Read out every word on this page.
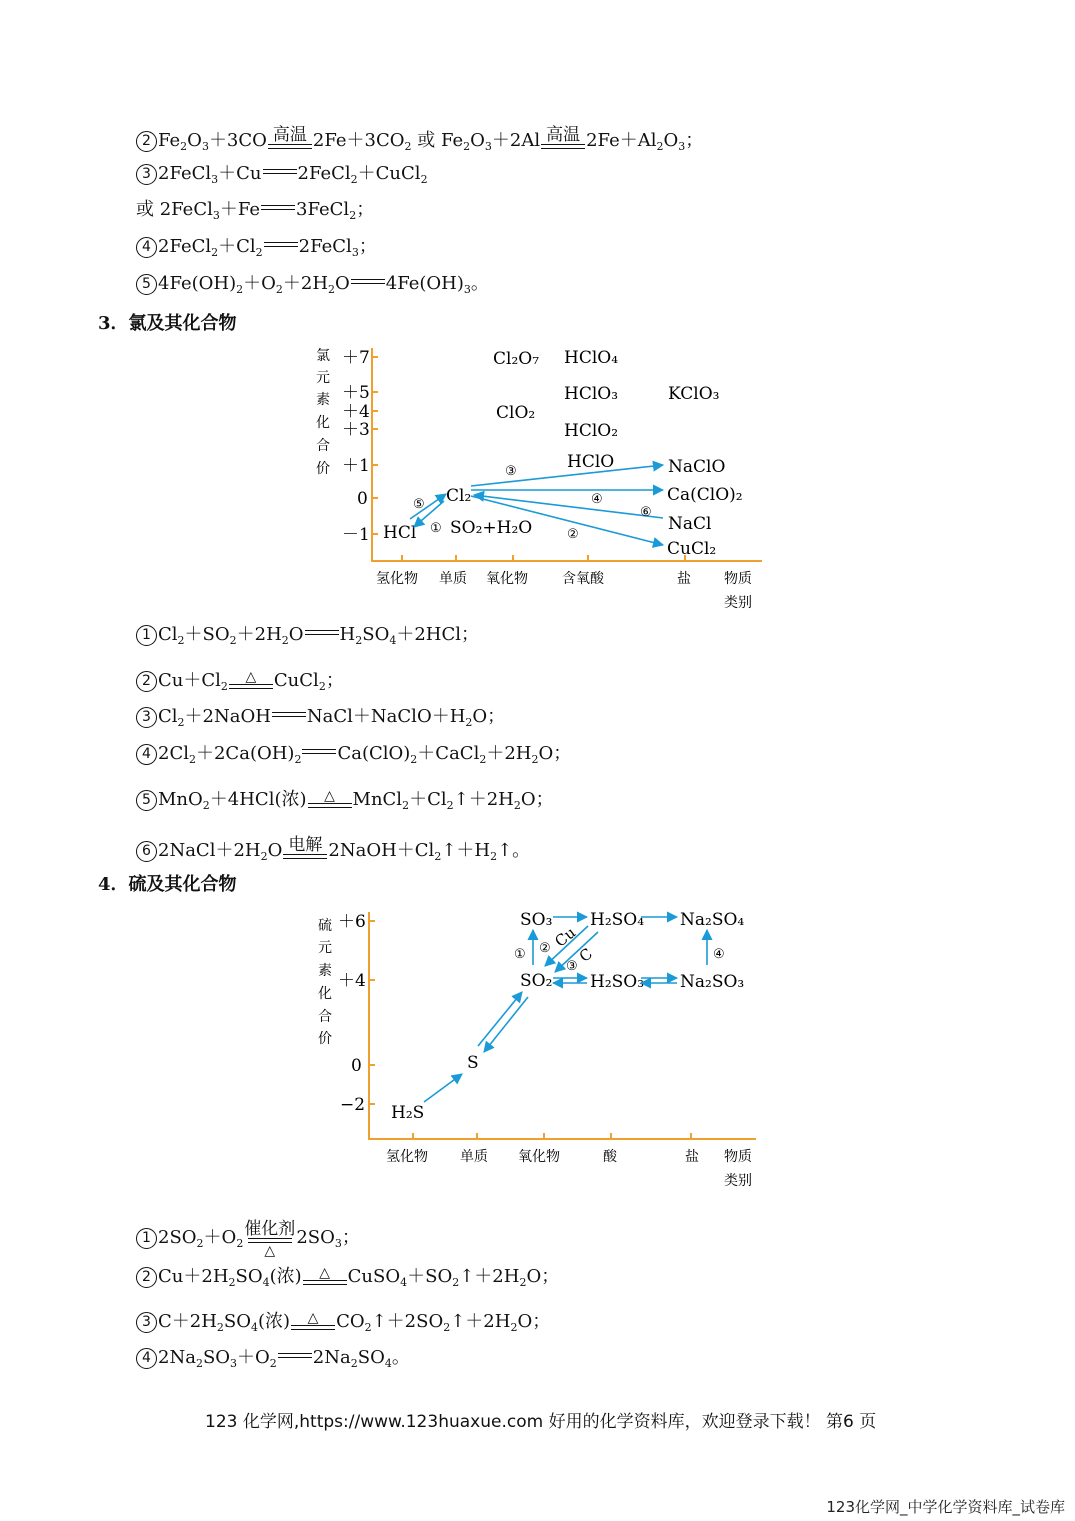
2 $Fe_2O_3+3CO$ 高温 $2Fe+3CO_2$ 或 $Fe_2O_3+2Al$ 高温 $2Fe+Al_2O_3$；
3 2FeCl$_3$＋Cu 2FeCl$_2$＋CuCl$_2$
或 2FeCl$_3$＋Fe 3FeCl$_2$；
4 $2FeCl_2+Cl_2$ 2FeCl$_3$；
5 $4Fe(OH)_2+O_2+2H_2O$ $4Fe(OH)_3$。
3．氯及其化合物
氯
元
素
化
合
价
＋7
＋5
＋4
＋3
＋1
0
－1
氢化物 单质 氧化物 含氧酸	盐 物质
类别
Cl₂O₇ HClO₄
HClO₃	KClO₃
ClO₂
HClO₂
HClO	NaClO
Ca(ClO)₂
NaCl
CuCl₂
Cl₂
HCl SO₂+H₂O
③
④
⑥
②
⑤
①
硫
元
素
化
合
价
＋6
＋4
0
−2
氢化物 单质 氧化物	酸	盐 物质
类别
SO₃ H₂SO₄ Na₂SO₄
SO₂ H₂SO₃ Na₂SO₃
S
H₂S
Cu
C
① ②
③
④
1 $Cl_2+SO_2+2H_2O$ $H_2SO_4+2HCl$；
2 $Cu+Cl_2$
△ CuCl$_2$；
3 $Cl_2+2NaOH$ $NaCl+NaClO+H_2O$；
4 $2Cl_2+2Ca(OH)_2$ $Ca(ClO)_2+CaCl_2+2H_2O$；
5 MnO$_2$＋4HCl(浓) △ $MnCl_2+Cl_2↑+2H_2O$；
6 $2NaCl+2H_2O$ 电解 $2NaOH+Cl_2↑+H_2↑$。
4．硫及其化合物
1 $2SO_2+O_2$
催化剂
△
$2SO_3$；
2 $Cu+2H_2SO_4$(浓) △ $CuSO_4+SO_2↑+2H_2O$；
3 $C+2H_2SO_4$(浓) △ $CO_2↑+2SO_2↑+2H_2O$；
4 $2Na_2SO_3+O_2$ $2Na_2SO_4$。
123 化学网,https://www.123huaxue.com 好用的化学资料库，欢迎登录下载！ 第6 页
123化学网_中学化学资料库_试卷库
